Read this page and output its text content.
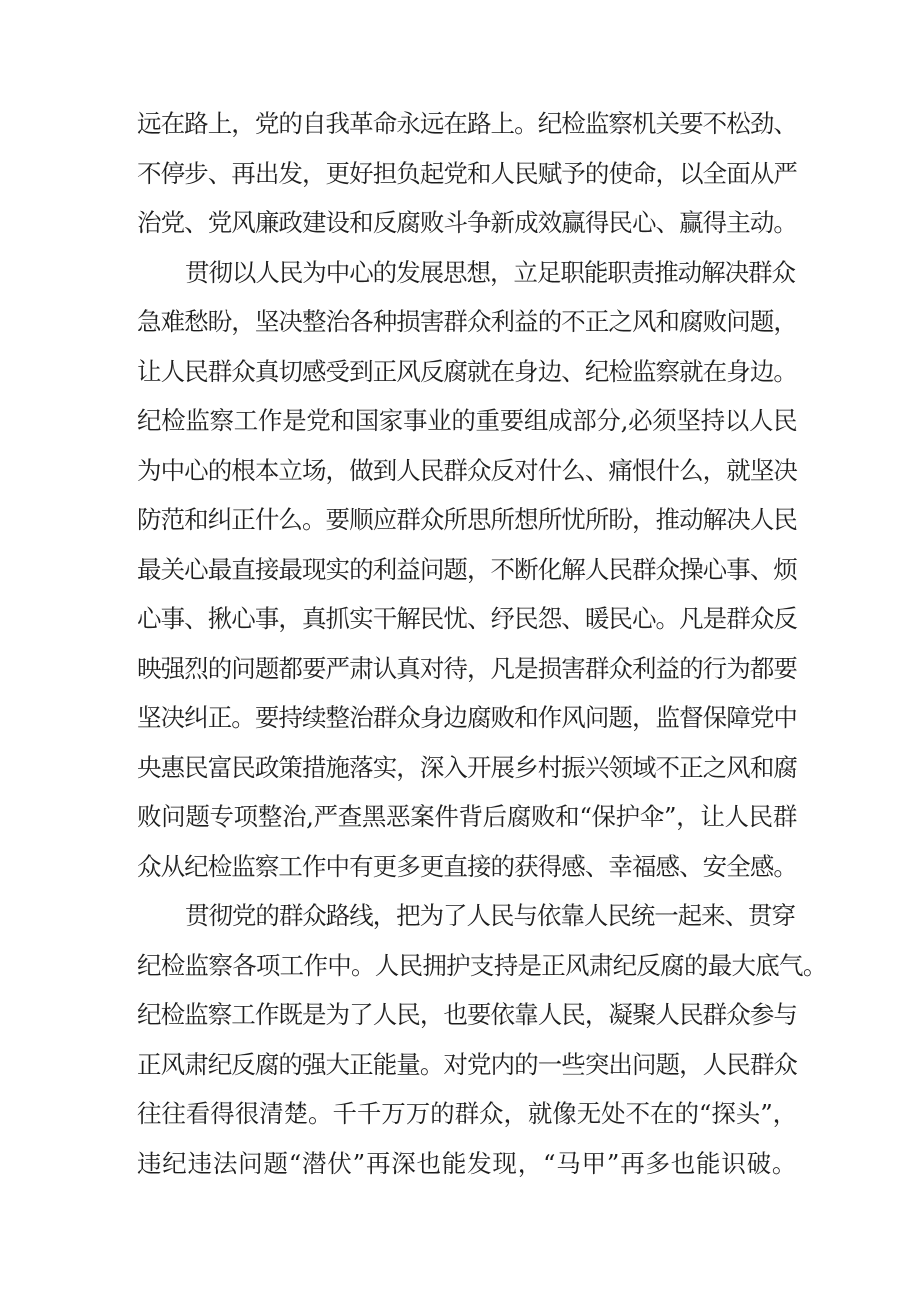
远在路上，党的自我革命永远在路上。纪检监察机关要不松劲、
不停步、再出发，更好担负起党和人民赋予的使命，以全面从严
治党、党风廉政建设和反腐败斗争新成效赢得民心、赢得主动。
贯彻以人民为中心的发展思想，立足职能职责推动解决群众
急难愁盼，坚决整治各种损害群众利益的不正之风和腐败问题，
让人民群众真切感受到正风反腐就在身边、纪检监察就在身边。
纪检监察工作是党和国家事业的重要组成部分,必须坚持以人民
为中心的根本立场，做到人民群众反对什么、痛恨什么，就坚决
防范和纠正什么。要顺应群众所思所想所忧所盼，推动解决人民
最关心最直接最现实的利益问题，不断化解人民群众操心事、烦
心事、揪心事，真抓实干解民忧、纾民怨、暖民心。凡是群众反
映强烈的问题都要严肃认真对待，凡是损害群众利益的行为都要
坚决纠正。要持续整治群众身边腐败和作风问题，监督保障党中
央惠民富民政策措施落实，深入开展乡村振兴领域不正之风和腐
败问题专项整治,严查黑恶案件背后腐败和“保护伞”，让人民群
众从纪检监察工作中有更多更直接的获得感、幸福感、安全感。
贯彻党的群众路线，把为了人民与依靠人民统一起来、贯穿
纪检监察各项工作中。人民拥护支持是正风肃纪反腐的最大底气。
纪检监察工作既是为了人民，也要依靠人民，凝聚人民群众参与
正风肃纪反腐的强大正能量。对党内的一些突出问题，人民群众
往往看得很清楚。千千万万的群众，就像无处不在的“探头”，
违纪违法问题“潜伏”再深也能发现，“马甲”再多也能识破。
